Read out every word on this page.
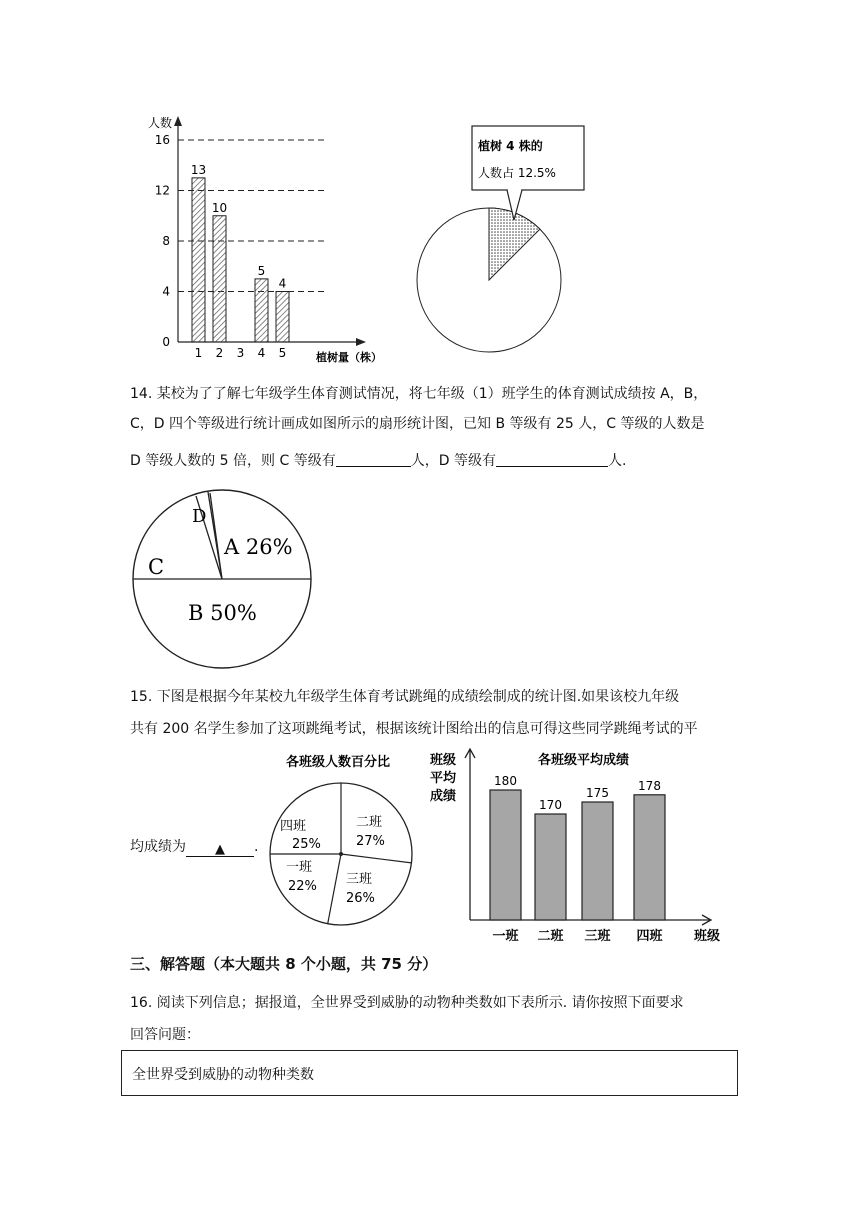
0
4
8
12
16
13
10
5
4
1 2 3 4 5
人数
植树量（株）
植树 4 株的
人数占 12.5%
14. 某校为了了解七年级学生体育测试情况，将七年级（1）班学生的体育测试成绩按 A，B，
C，D 四个等级进行统计画成如图所示的扇形统计图，已知 B 等级有 25 人，C 等级的人数是
D 等级人数的 5 倍，则 C 等级有	人，D 等级有	人.
A 26%
B 50%
C
D
15. 下图是根据今年某校九年级学生体育考试跳绳的成绩绘制成的统计图.如果该校九年级
共有 200 名学生参加了这项跳绳考试，根据该统计图给出的信息可得这些同学跳绳考试的平
均成绩为 ▲ .
各班级人数百分比
四班
25%
二班
27%
一班
22% 三班
26%
各班级平均成绩
班级
平均
成绩
180
一班
170
二班
175
三班
178
四班 班级
三、解答题（本大题共 8 个小题，共 75 分）
16. 阅读下列信息；据报道，全世界受到威胁的动物种类数如下表所示. 请你按照下面要求
回答问题：
全世界受到威胁的动物种类数
